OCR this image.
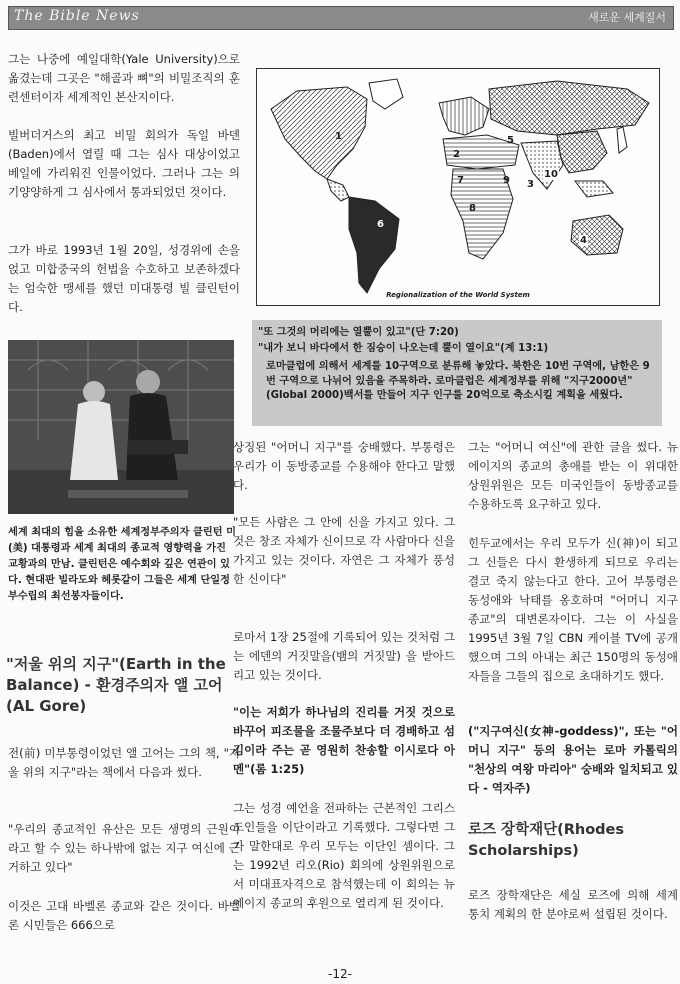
The Bible News	새로운 세계질서

그는 나중에 예일대학(Yale University)으로 옮겼는데 그곳은 "해골과 뼈"의 비밀조직의 훈련센터이자 세계적인 본산지이다.

빌버더거스의 최고 비밀 회의가 독일 바덴(Baden)에서 열릴 때 그는 심사 대상이었고 베일에 가리워진 인물이었다. 그러나 그는 의기양양하게 그 심사에서 통과되었던 것이다.

그가 바로 1993년 1월 20일, 성경위에 손을 얹고 미합중국의 헌법을 수호하고 보존하겠다는 엄숙한 맹세를 했던 미대통령 빌 클린턴이다.

1
2
3
4
5
6
7
8
9
10
Regionalization of the World System

"또 그것의 머리에는 열뿔이 있고"(단 7:20)

"내가 보니 바다에서 한 짐승이 나오는데 뿔이 열이요"(계 13:1)

로마클럽에 의해서 세계를 10구역으로 분류해 놓았다. 북한은 10번 구역에, 남한은 9번 구역으로 나뉘어 있음을 주목하라. 로마클럽은 세계정부를 위해 "지구2000년"(Global 2000)백서를 만들어 지구 인구를 20억으로 축소시킬 계획을 세웠다.

세계 최대의 힘을 소유한 세계정부주의자 클린턴 미(美) 대통령과 세계 최대의 종교적 영향력을 가진 교황과의 만남. 클린턴은 예수회와 깊은 연관이 있다. 현대판 빌라도와 헤롯같이 그들은 세계 단일정부수립의 최선봉자들이다.

"저울 위의 지구"(Earth in the Balance) - 환경주의자 앨 고어(AL Gore)

전(前) 미부통령이었던 앨 고어는 그의 책, "저울 위의 지구"라는 책에서 다음과 썼다.

"우리의 종교적인 유산은 모든 생명의 근원이라고 할 수 있는 하나밖에 없는 지구 여신에 근거하고 있다"

이것은 고대 바벨론 종교와 같은 것이다. 바벨론 시민들은 666으로

상징된 "어머니 지구"를 숭배했다. 부통령은 우리가 이 동방종교를 수용해야 한다고 말했다.

"모든 사람은 그 안에 신을 가지고 있다. 그것은 창조 자체가 신이므로 각 사람마다 신을 가지고 있는 것이다. 자연은 그 자체가 풍성한 신이다"

로마서 1장 25절에 기록되어 있는 것처럼 그는 에덴의 거짓말을(뱀의 거짓말) 을 받아드리고 있는 것이다.

"이는 저희가 하나님의 진리를 거짓 것으로 바꾸어 피조물을 조물주보다 더 경배하고 섬김이라 주는 곧 영원히 찬송할 이시로다 아멘"(롬 1:25)

그는 성경 예언을 전파하는 근본적인 그리스도인들을 이단이라고 기록했다. 그렇다면 그가 말한대로 우리 모두는 이단인 셈이다. 그는 1992년 리오(Rio) 회의에 상원위원으로서 미대표자격으로 참석했는데 이 회의는 뉴 에이지 종교의 후원으로 열리게 된 것이다.

그는 "어머니 여신"에 관한 글을 썼다. 뉴 에이지의 종교의 총애를 받는 이 위대한 상원위원은 모든 미국인들이 동방종교를 수용하도록 요구하고 있다.

힌두교에서는 우리 모두가 신(神)이 되고 그 신들은 다시 환생하게 되므로 우리는 결코 죽지 않는다고 한다. 고어 부통령은 동성애와 낙태를 옹호하며 "어머니 지구 종교"의 대변론자이다. 그는 이 사실을 1995년 3월 7일 CBN 케이블 TV에 공개했으며 그의 아내는 최근 150명의 동성애자들을 그들의 집으로 초대하기도 했다.

("지구여신(女神-goddess)", 또는 "어머니 지구" 등의 용어는 로마 카톨릭의 "천상의 여왕 마리아" 숭배와 일치되고 있다 - 역자주)

로즈 장학재단(Rhodes Scholarships)

로즈 장학재단은 세실 로즈에 의해 세계 통치 계획의 한 분야로써 설립된 것이다.

-12-
